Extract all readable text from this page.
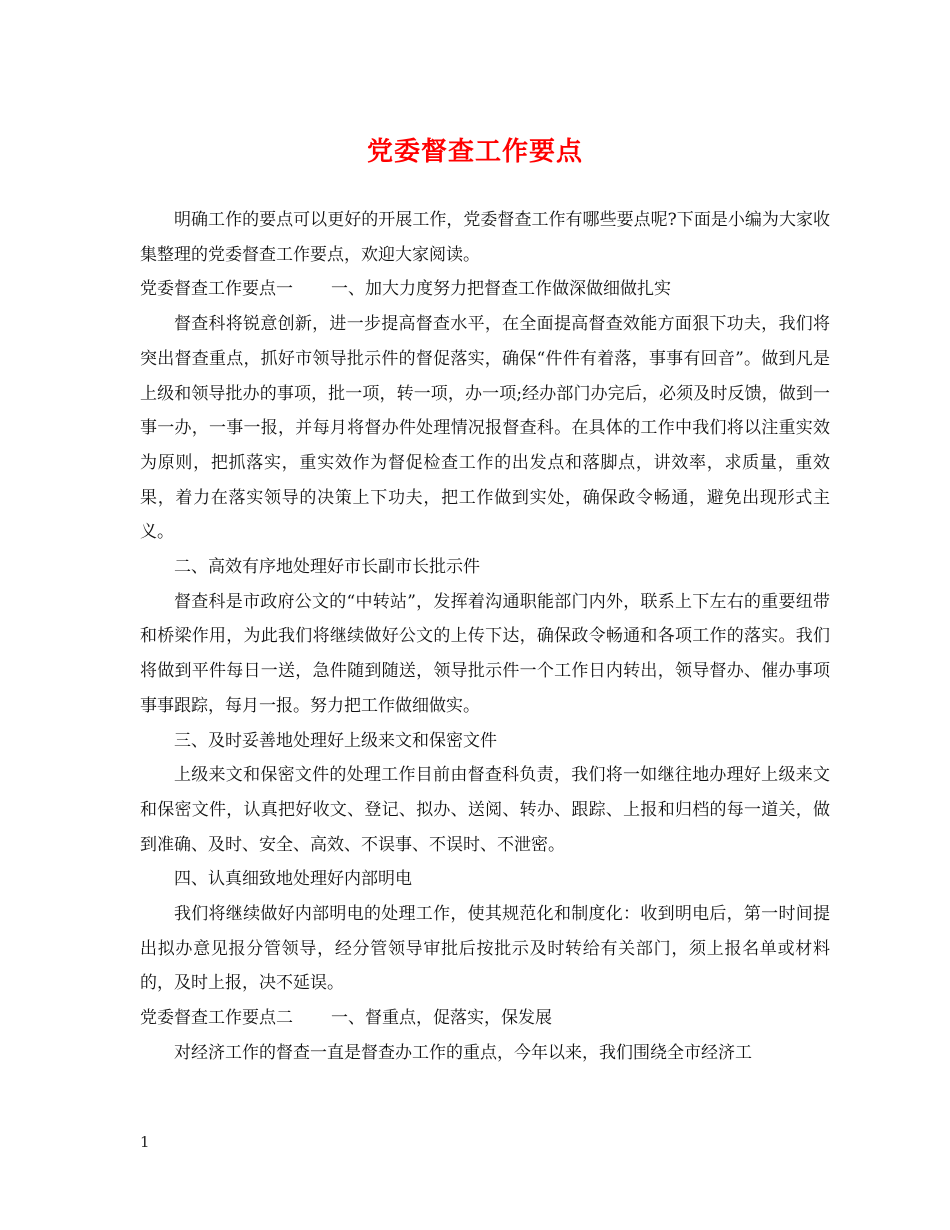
党委督查工作要点

明确工作的要点可以更好的开展工作，党委督查工作有哪些要点呢?下面是小编为大家收集整理的党委督查工作要点，欢迎大家阅读。

党委督查工作要点一 一、加大力度努力把督查工作做深做细做扎实

督查科将锐意创新，进一步提高督查水平，在全面提高督查效能方面狠下功夫，我们将突出督查重点，抓好市领导批示件的督促落实，确保“件件有着落，事事有回音”。做到凡是上级和领导批办的事项，批一项，转一项，办一项;经办部门办完后，必须及时反馈，做到一事一办，一事一报，并每月将督办件处理情况报督查科。在具体的工作中我们将以注重实效为原则，把抓落实，重实效作为督促检查工作的出发点和落脚点，讲效率，求质量，重效果，着力在落实领导的决策上下功夫，把工作做到实处，确保政令畅通，避免出现形式主义。

二、高效有序地处理好市长副市长批示件

督查科是市政府公文的“中转站”，发挥着沟通职能部门内外，联系上下左右的重要纽带和桥梁作用，为此我们将继续做好公文的上传下达，确保政令畅通和各项工作的落实。我们将做到平件每日一送，急件随到随送，领导批示件一个工作日内转出，领导督办、催办事项事事跟踪，每月一报。努力把工作做细做实。

三、及时妥善地处理好上级来文和保密文件

上级来文和保密文件的处理工作目前由督查科负责，我们将一如继往地办理好上级来文和保密文件，认真把好收文、登记、拟办、送阅、转办、跟踪、上报和归档的每一道关，做到准确、及时、安全、高效、不误事、不误时、不泄密。

四、认真细致地处理好内部明电

我们将继续做好内部明电的处理工作，使其规范化和制度化：收到明电后，第一时间提出拟办意见报分管领导，经分管领导审批后按批示及时转给有关部门，须上报名单或材料的，及时上报，决不延误。

党委督查工作要点二 一、督重点，促落实，保发展

对经济工作的督查一直是督查办工作的重点，今年以来，我们围绕全市经济工

1
